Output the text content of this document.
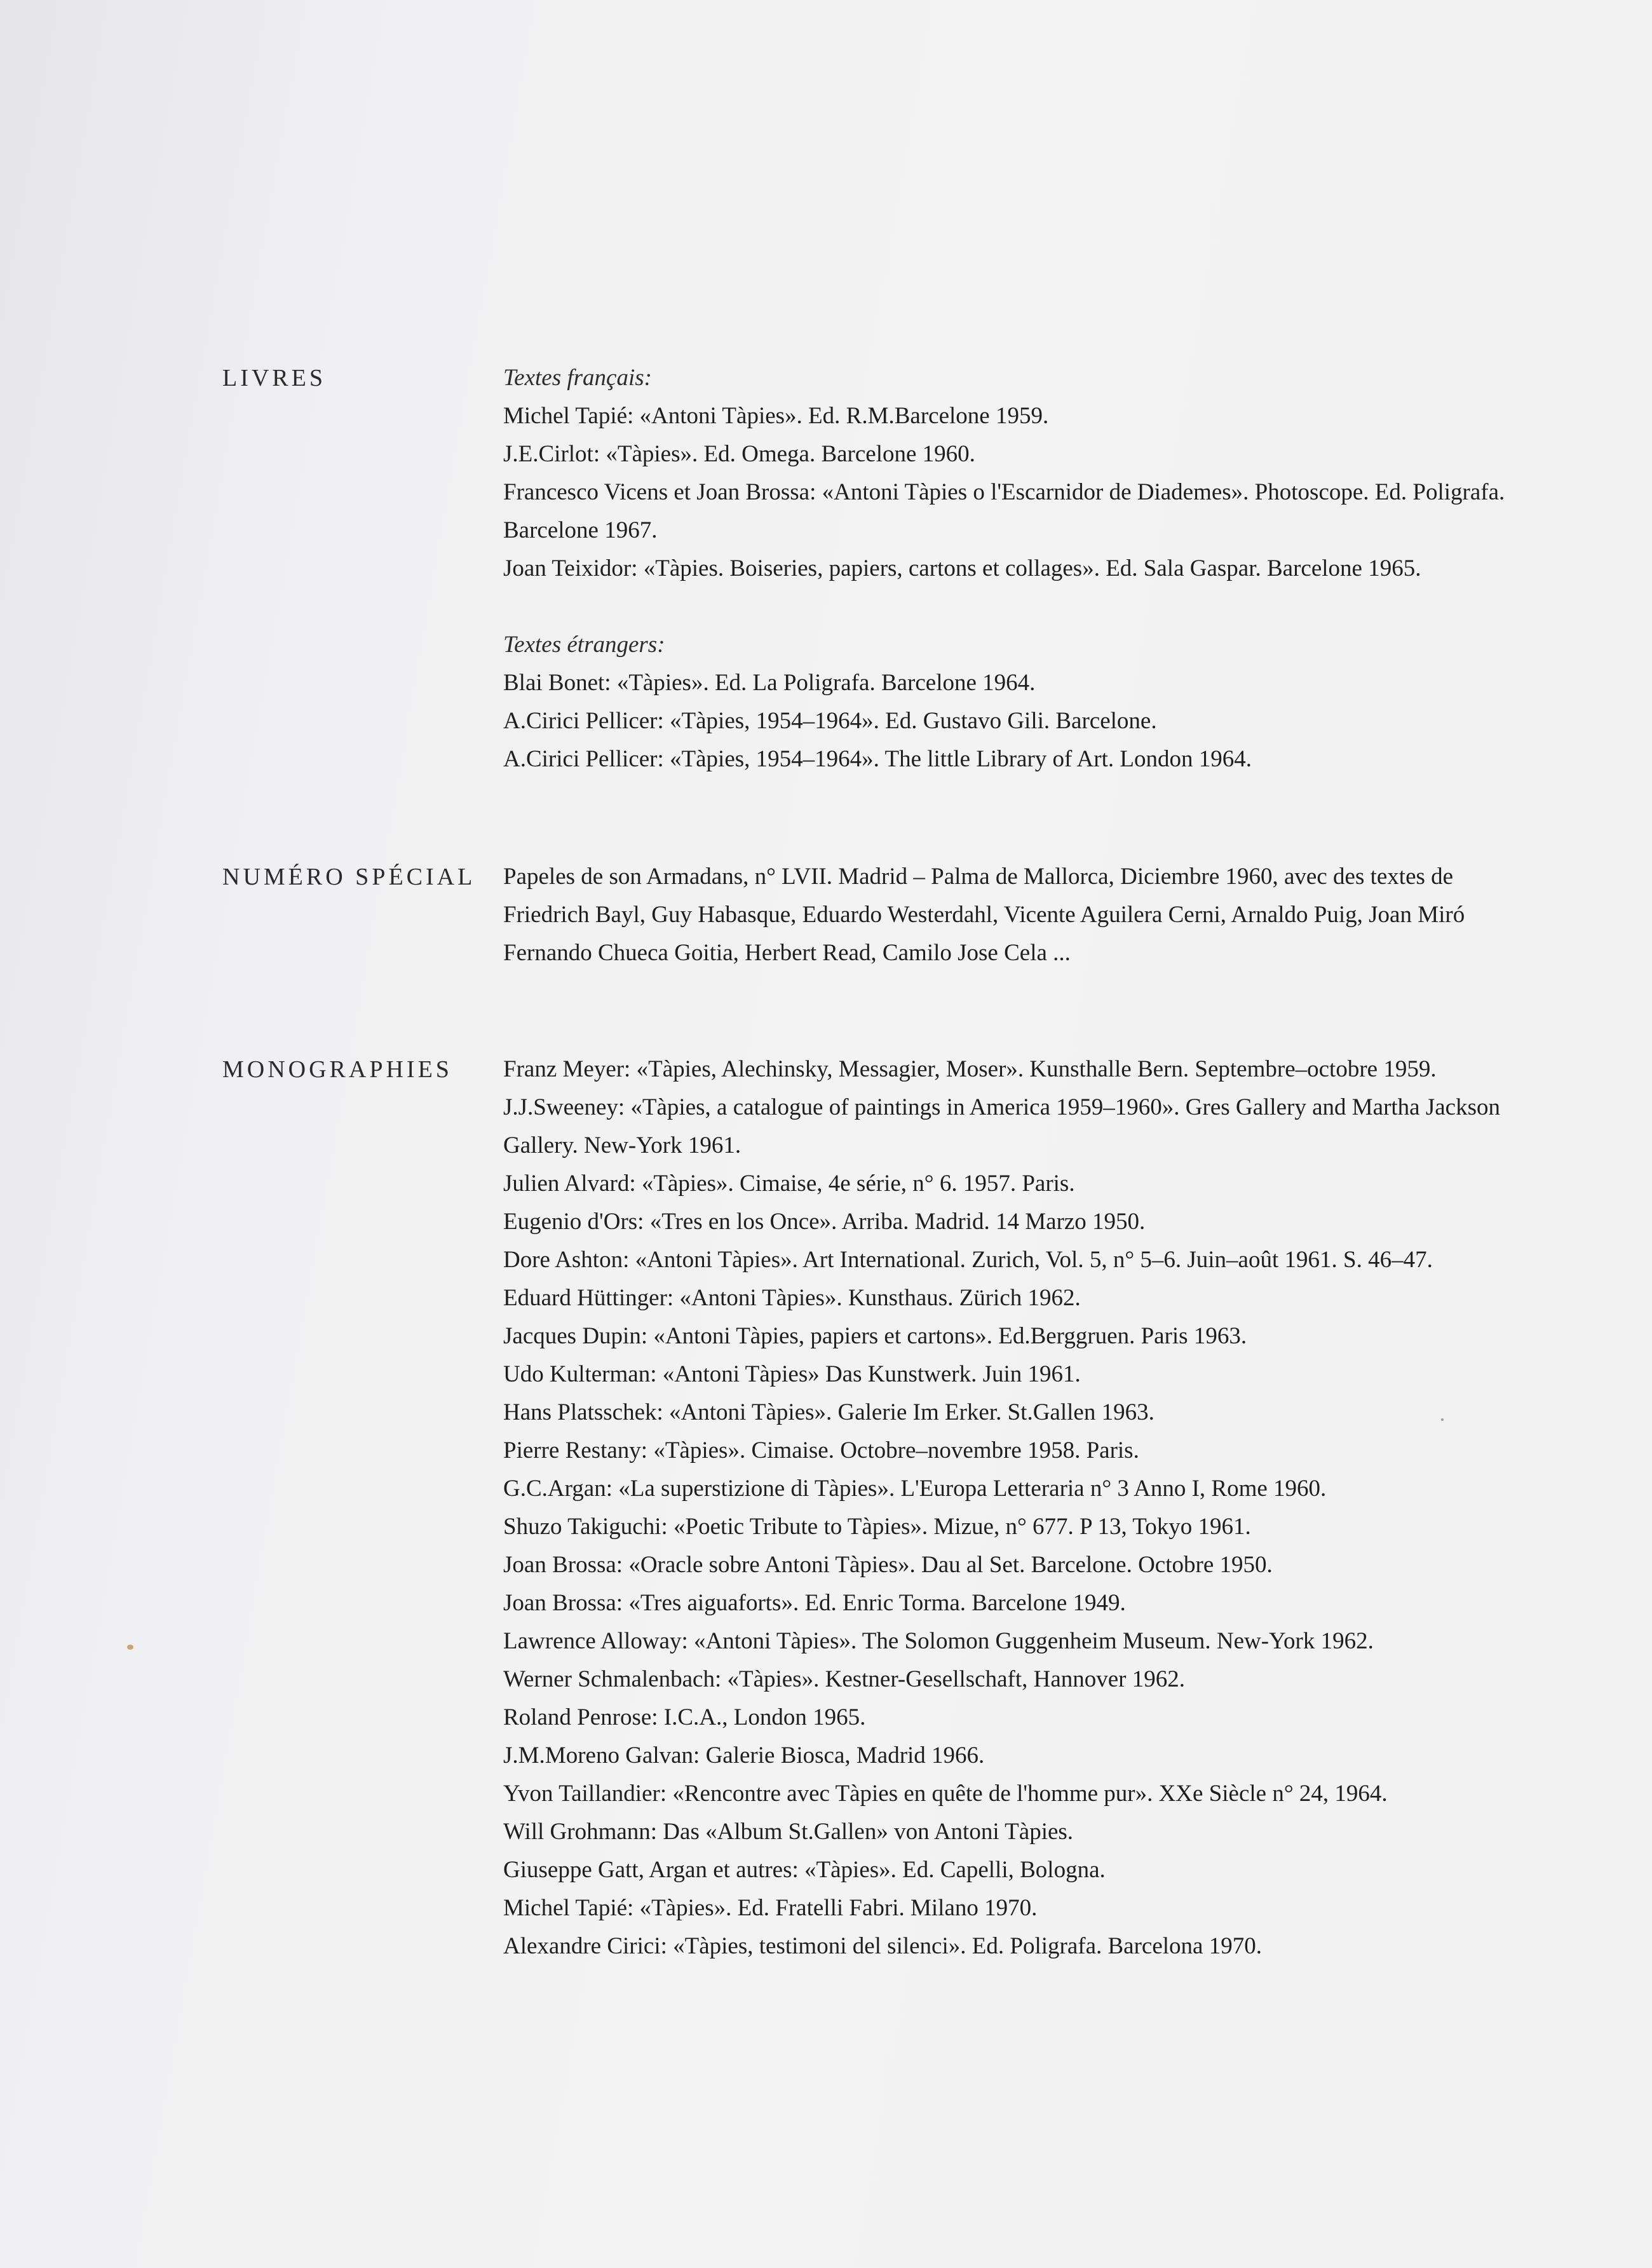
LIVRES	Textes français:
Michel Tapié: «Antoni Tàpies». Ed. R.M.Barcelone 1959.
J.E.Cirlot: «Tàpies». Ed. Omega. Barcelone 1960.
Francesco Vicens et Joan Brossa: «Antoni Tàpies o l'Escarnidor de Diademes». Photoscope. Ed. Poligrafa.
Barcelone 1967.
Joan Teixidor: «Tàpies. Boiseries, papiers, cartons et collages». Ed. Sala Gaspar. Barcelone 1965.
Textes étrangers:
Blai Bonet: «Tàpies». Ed. La Poligrafa. Barcelone 1964.
A.Cirici Pellicer: «Tàpies, 1954–1964». Ed. Gustavo Gili. Barcelone.
A.Cirici Pellicer: «Tàpies, 1954–1964». The little Library of Art. London 1964.
NUMÉRO SPÉCIAL Papeles de son Armadans, n° LVII. Madrid – Palma de Mallorca, Diciembre 1960, avec des textes de
Friedrich Bayl, Guy Habasque, Eduardo Westerdahl, Vicente Aguilera Cerni, Arnaldo Puig, Joan Miró
Fernando Chueca Goitia, Herbert Read, Camilo Jose Cela ...
MONOGRAPHIES Franz Meyer: «Tàpies, Alechinsky, Messagier, Moser». Kunsthalle Bern. Septembre–octobre 1959.
J.J.Sweeney: «Tàpies, a catalogue of paintings in America 1959–1960». Gres Gallery and Martha Jackson
Gallery. New-York 1961.
Julien Alvard: «Tàpies». Cimaise, 4e série, n° 6. 1957. Paris.
Eugenio d'Ors: «Tres en los Once». Arriba. Madrid. 14 Marzo 1950.
Dore Ashton: «Antoni Tàpies». Art International. Zurich, Vol. 5, n° 5–6. Juin–août 1961. S. 46–47.
Eduard Hüttinger: «Antoni Tàpies». Kunsthaus. Zürich 1962.
Jacques Dupin: «Antoni Tàpies, papiers et cartons». Ed.Berggruen. Paris 1963.
Udo Kulterman: «Antoni Tàpies» Das Kunstwerk. Juin 1961.
Hans Platsschek: «Antoni Tàpies». Galerie Im Erker. St.Gallen 1963.
Pierre Restany: «Tàpies». Cimaise. Octobre–novembre 1958. Paris.
G.C.Argan: «La superstizione di Tàpies». L'Europa Letteraria n° 3 Anno I, Rome 1960.
Shuzo Takiguchi: «Poetic Tribute to Tàpies». Mizue, n° 677. P 13, Tokyo 1961.
Joan Brossa: «Oracle sobre Antoni Tàpies». Dau al Set. Barcelone. Octobre 1950.
Joan Brossa: «Tres aiguaforts». Ed. Enric Torma. Barcelone 1949.
Lawrence Alloway: «Antoni Tàpies». The Solomon Guggenheim Museum. New-York 1962.
Werner Schmalenbach: «Tàpies». Kestner-Gesellschaft, Hannover 1962.
Roland Penrose: I.C.A., London 1965.
J.M.Moreno Galvan: Galerie Biosca, Madrid 1966.
Yvon Taillandier: «Rencontre avec Tàpies en quête de l'homme pur». XXe Siècle n° 24, 1964.
Will Grohmann: Das «Album St.Gallen» von Antoni Tàpies.
Giuseppe Gatt, Argan et autres: «Tàpies». Ed. Capelli, Bologna.
Michel Tapié: «Tàpies». Ed. Fratelli Fabri. Milano 1970.
Alexandre Cirici: «Tàpies, testimoni del silenci». Ed. Poligrafa. Barcelona 1970.
